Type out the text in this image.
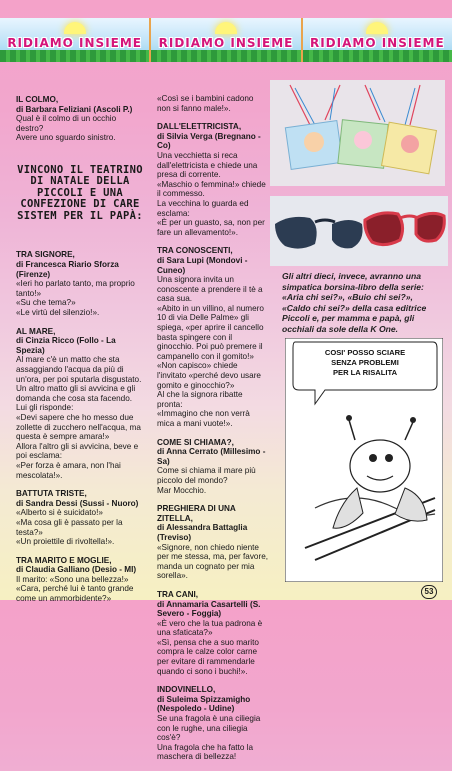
RIDIAMO INSIEME	RIDIAMO INSIEME	RIDIAMO INSIEME

IL COLMO,

di Barbara Feliziani (Ascoli P.)

Qual è il colmo di un occhio destro?

Avere uno sguardo sinistro.

VINCONO IL TEATRINO DI NATALE DELLA PICCOLI E UNA CONFEZIONE DI CARE SISTEM PER IL PAPÀ:

TRA SIGNORE,

di Francesca Riario Sforza (Firenze)

«Ieri ho parlato tanto, ma proprio tanto!»

«Su che tema?»

«Le virtù del silenzio!».

AL MARE,

di Cinzia Ricco (Follo - La Spezia)

Al mare c'è un matto che sta assaggiando l'acqua da più di un'ora, per poi sputarla disgustato. Un altro matto gli si avvicina e gli domanda che cosa sta facendo. Lui gli risponde:

«Devi sapere che ho messo due zollette di zucchero nell'acqua, ma questa è sempre amara!»

Allora l'altro gli si avvicina, beve e poi esclama:

«Per forza è amara, non l'hai mescolata!».

BATTUTA TRISTE,

di Sandra Dessi (Sussi - Nuoro)

«Alberto si è suicidato!»

«Ma cosa gli è passato per la testa?»

«Un proiettile di rivoltella!».

TRA MARITO E MOGLIE,

di Claudia Galliano (Desio - MI)

Il marito: «Sono una bellezza!»

«Cara, perché lui è tanto grande come un ammorbidente?»

«Così se i bambini cadono non si fanno male!».

DALL'ELETTRICISTA,

di Silvia Verga (Bregnano - Co)

Una vecchietta si reca dall'elettricista e chiede una presa di corrente.

«Maschio o femmina!» chiede il commesso.

La vecchina lo guarda ed esclama:

«È per un guasto, sa, non per fare un allevamento!».

TRA CONOSCENTI,

di Sara Lupi (Mondovi - Cuneo)

Una signora invita un conoscente a prendere il tè a casa sua.

«Abito in un villino, al numero 10 di via Delle Palme» gli spiega, «per aprire il cancello basta spingere con il ginocchio. Poi può premere il campanello con il gomito!»

«Non capisco» chiede l'invitato «perché devo usare gomito e ginocchio?»

Al che la signora ribatte pronta:

«Immagino che non verrà mica a mani vuote!».

COME SI CHIAMA?,

di Anna Cerrato (Millesimo - Sa)

Come si chiama il mare più piccolo del mondo?

Mar Mocchio.

PREGHIERA DI UNA ZITELLA,

di Alessandra Battaglia (Treviso)

«Signore, non chiedo niente per me stessa, ma, per favore, manda un cognato per mia sorella».

TRA CANI,

di Annamaria Casartelli (S. Severo - Foggia)

«È vero che la tua padrona è una sfaticata?»

«Sì, pensa che a suo marito compra le calze color carne per evitare di rammendarle quando ci sono i buchi!».

INDOVINELLO,

di Suleima Spizzamigho (Nespoledo - Udine)

Se una fragola è una ciliegia con le rughe, una ciliegia cos'è?

Una fragola che ha fatto la maschera di bellezza!

Gli altri dieci, invece, avranno una simpatica borsina-libro della serie: «Aria chi sei?», «Buio chi sei?», «Caldo chi sei?» della casa editrice Piccoli e, per mamma e papà, gli occhiali da sole della K One.
COSI' POSSO SCIARE
SENZA PROBLEMI
PER LA RISALITA
53
